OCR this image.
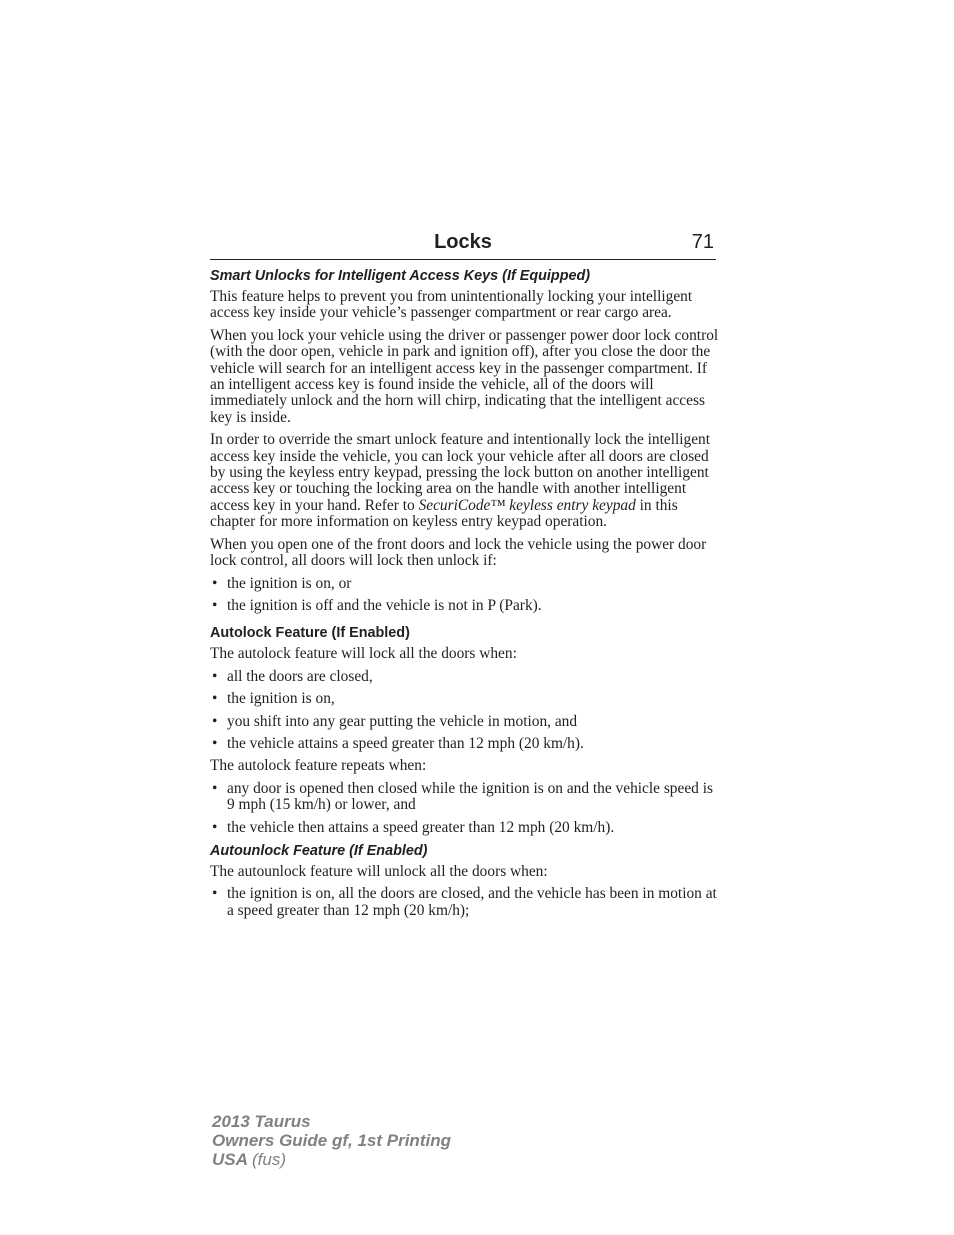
Locks	71
Smart Unlocks for Intelligent Access Keys (If Equipped)

This feature helps to prevent you from unintentionally locking your intelligent access key inside your vehicle’s passenger compartment or rear cargo area.

When you lock your vehicle using the driver or passenger power door lock control (with the door open, vehicle in park and ignition off), after you close the door the vehicle will search for an intelligent access key in the passenger compartment. If an intelligent access key is found inside the vehicle, all of the doors will immediately unlock and the horn will chirp, indicating that the intelligent access key is inside.

In order to override the smart unlock feature and intentionally lock the intelligent access key inside the vehicle, you can lock your vehicle after all doors are closed by using the keyless entry keypad, pressing the lock button on another intelligent access key or touching the locking area on the handle with another intelligent access key in your hand. Refer to SecuriCode™ keyless entry keypad in this chapter for more information on keyless entry keypad operation.

When you open one of the front doors and lock the vehicle using the power door lock control, all doors will lock then unlock if:

• the ignition is on, or
• the ignition is off and the vehicle is not in P (Park).
Autolock Feature (If Enabled)

The autolock feature will lock all the doors when:

• all the doors are closed,
• the ignition is on,
• you shift into any gear putting the vehicle in motion, and
• the vehicle attains a speed greater than 12 mph (20 km/h).

The autolock feature repeats when:

• any door is opened then closed while the ignition is on and the vehicle speed is 9 mph (15 km/h) or lower, and
• the vehicle then attains a speed greater than 12 mph (20 km/h).
Autounlock Feature (If Enabled)

The autounlock feature will unlock all the doors when:

• the ignition is on, all the doors are closed, and the vehicle has been in motion at a speed greater than 12 mph (20 km/h);
2013 Taurus
Owners Guide gf, 1st Printing
USA (fus)
